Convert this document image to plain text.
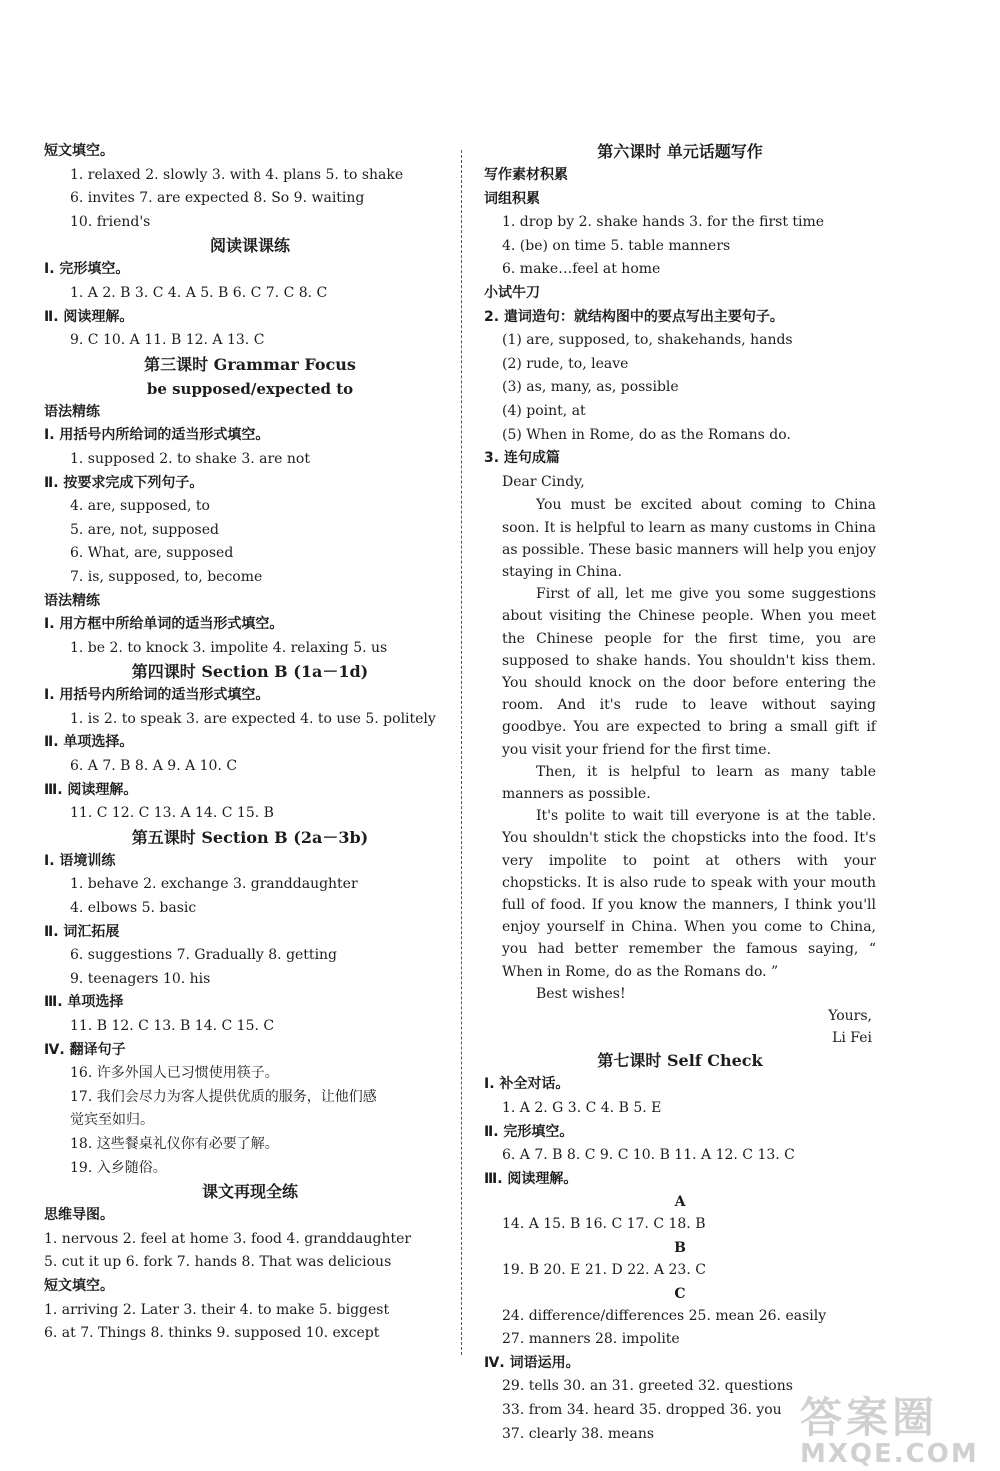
短文填空。
1. relaxed 2. slowly 3. with 4. plans 5. to shake
6. invites 7. are expected 8. So 9. waiting
10. friend's
阅读课课练
Ⅰ. 完形填空。
1. A 2. B 3. C 4. A 5. B 6. C 7. C 8. C
Ⅱ. 阅读理解。
9. C 10. A 11. B 12. A 13. C
第三课时 Grammar Focus
be supposed/expected to
语法精练
Ⅰ. 用括号内所给词的适当形式填空。
1. supposed 2. to shake 3. are not
Ⅱ. 按要求完成下列句子。
4. are, supposed, to
5. are, not, supposed
6. What, are, supposed
7. is, supposed, to, become
语法精练
Ⅰ. 用方框中所给单词的适当形式填空。
1. be 2. to knock 3. impolite 4. relaxing 5. us
第四课时 Section B (1a－1d)
Ⅰ. 用括号内所给词的适当形式填空。
1. is 2. to speak 3. are expected 4. to use 5. politely
Ⅱ. 单项选择。
6. A 7. B 8. A 9. A 10. C
Ⅲ. 阅读理解。
11. C 12. C 13. A 14. C 15. B
第五课时 Section B (2a－3b)
Ⅰ. 语境训练
1. behave 2. exchange 3. granddaughter
4. elbows 5. basic
Ⅱ. 词汇拓展
6. suggestions 7. Gradually 8. getting
9. teenagers 10. his
Ⅲ. 单项选择
11. B 12. C 13. B 14. C 15. C
Ⅳ. 翻译句子
16. 许多外国人已习惯使用筷子。
17. 我们会尽力为客人提供优质的服务，让他们感
觉宾至如归。
18. 这些餐桌礼仪你有必要了解。
19. 入乡随俗。
课文再现全练
思维导图。
1. nervous 2. feel at home 3. food 4. granddaughter
5. cut it up 6. fork 7. hands 8. That was delicious
短文填空。
1. arriving 2. Later 3. their 4. to make 5. biggest
6. at 7. Things 8. thinks 9. supposed 10. except
第六课时 单元话题写作
写作素材积累
词组积累
1. drop by 2. shake hands 3. for the first time
4. (be) on time 5. table manners
6. make…feel at home
小试牛刀
2. 遣词造句：就结构图中的要点写出主要句子。
(1) are, supposed, to, shakehands, hands
(2) rude, to, leave
(3) as, many, as, possible
(4) point, at
(5) When in Rome, do as the Romans do.
3. 连句成篇
Dear Cindy,
You must be excited about coming to China soon. It is helpful to learn as many customs in China as possible. These basic manners will help you enjoy staying in China.
First of all, let me give you some suggestions about visiting the Chinese people. When you meet the Chinese people for the first time, you are supposed to shake hands. You shouldn't kiss them. You should knock on the door before entering the room. And it's rude to leave without saying goodbye. You are expected to bring a small gift if you visit your friend for the first time.
Then, it is helpful to learn as many table manners as possible.
It's polite to wait till everyone is at the table. You shouldn't stick the chopsticks into the food. It's very impolite to point at others with your chopsticks. It is also rude to speak with your mouth full of food. If you know the manners, I think you'll enjoy yourself in China. When you come to China, you had better remember the famous saying, “ When in Rome, do as the Romans do. ”
Best wishes!
Yours,
Li Fei
第七课时 Self Check
Ⅰ. 补全对话。
1. A 2. G 3. C 4. B 5. E
Ⅱ. 完形填空。
6. A 7. B 8. C 9. C 10. B 11. A 12. C 13. C
Ⅲ. 阅读理解。
A
14. A 15. B 16. C 17. C 18. B
B
19. B 20. E 21. D 22. A 23. C
C
24. difference/differences 25. mean 26. easily
27. manners 28. impolite
Ⅳ. 词语运用。
29. tells 30. an 31. greeted 32. questions
33. from 34. heard 35. dropped 36. you
37. clearly 38. means	答案圈
MXQE.COM
